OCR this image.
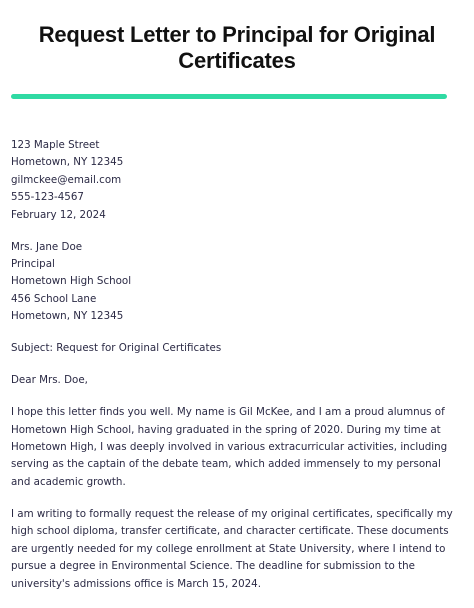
Request Letter to Principal for Original
Certificates
123 Maple Street
Hometown, NY 12345
gilmckee@email.com
555-123-4567
February 12, 2024
Mrs. Jane Doe
Principal
Hometown High School
456 School Lane
Hometown, NY 12345
Subject: Request for Original Certificates
Dear Mrs. Doe,

I hope this letter finds you well. My name is Gil McKee, and I am a proud alumnus of Hometown High School, having graduated in the spring of 2020. During my time at Hometown High, I was deeply involved in various extracurricular activities, including serving as the captain of the debate team, which added immensely to my personal and academic growth.

I am writing to formally request the release of my original certificates, specifically my high school diploma, transfer certificate, and character certificate. These documents are urgently needed for my college enrollment at State University, where I intend to pursue a degree in Environmental Science. The deadline for submission to the university's admissions office is March 15, 2024.
